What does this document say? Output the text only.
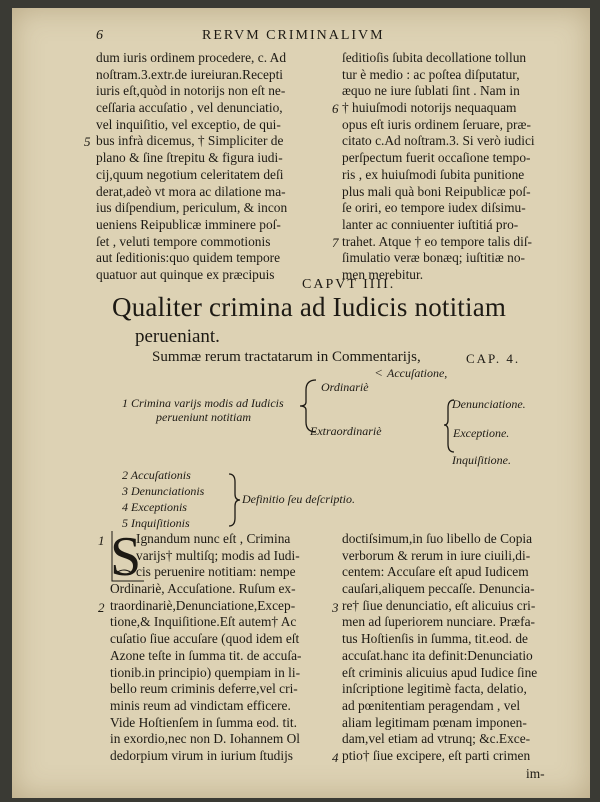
6	RERVM CRIMINALIVM
dum iuris ordinem procedere, c. Ad
noſtram.3.extr.de iureiuran.Recepti
iuris eſt,quòd in notorijs non eſt ne-
ceſſaria accuſatio , vel denunciatio,
vel inquiſitio, vel exceptio, de qui-
bus infrà dicemus, † Simpliciter de
plano & ſine ſtrepitu & figura iudi-
cij,quum negotium celeritatem deſi
derat,adeò vt mora ac dilatione ma-
ius diſpendium, periculum, & incon
ueniens Reipublicæ imminere poſ-
ſet , veluti tempore commotionis
aut ſeditionis:quo quidem tempore
quatuor aut quinque ex præcipuis
ſeditioſis ſubita decollatione tollun
tur è medio : ac poſtea diſputatur,
æquo ne iure ſublati ſint . Nam in
† huiuſmodi notorijs nequaquam
opus eſt iuris ordinem ſeruare, præ-
citato c.Ad noſtram.3. Si verò iudici
perſpectum fuerit occaſione tempo-
ris , ex huiuſmodi ſubita punitione
plus mali quà boni Reipublicæ poſ-
ſe oriri, eo tempore iudex diſsimu-
lanter ac conniuenter iuſtitiá pro-
trahet. Atque † eo tempore talis diſ-
ſimulatio veræ bonæq; iuſtitiæ no-
men merebitur.
5
6
7
CAPVT IIII.
Qualiter crimina ad Iudicis notitiam
perueniant.
Summæ rerum tractatarum in Commentarijs,	CAP. 4.
< Accuſatione,
Ordinariè
1 Crimina varijs modis ad Iudicis
perueniunt notitiam
Extraordinariè
Denunciatione.
Exceptione.
Inquiſitione.
2 Accuſationis
3 Denunciationis
4 Exceptionis
5 Inquiſitionis
Definitio ſeu deſcriptio.
S
Ignandum nunc eſt , Crimina
varijs† multiſq; modis ad Iudi-
cis peruenire notitiam: nempe
Ordinariè, Accuſatione. Ruſum ex-
traordinariè,Denunciatione,Excep-
tione,& Inquiſitione.Eſt autem† Ac
cuſatio ſiue accuſare (quod idem eſt
Azone teſte in ſumma tit. de accuſa-
tionib.in principio) quempiam in li-
bello reum criminis deferre,vel cri-
minis reum ad vindictam efficere.
Vide Hoſtienſem in ſumma eod. tit.
in exordio,nec non D. Iohannem Ol
dedorpium virum in iurium ſtudijs
doctiſsimum,in ſuo libello de Copia
verborum & rerum in iure ciuili,di-
centem: Accuſare eſt apud Iudicem
cauſari,aliquem peccaſſe. Denuncia-
re† ſiue denunciatio, eſt alicuius cri-
men ad ſuperiorem nunciare. Præfa-
tus Hoſtienſis in ſumma, tit.eod. de
accuſat.hanc ita definit:Denunciatio
eſt criminis alicuius apud Iudice ſine
inſcriptione legitimè facta, delatio,
ad pœnitentiam peragendam , vel
aliam legitimam pœnam imponen-
dam,vel etiam ad vtrunq; &c.Exce-
ptio† ſiue excipere, eſt parti crimen
1
2	3
4
im-
